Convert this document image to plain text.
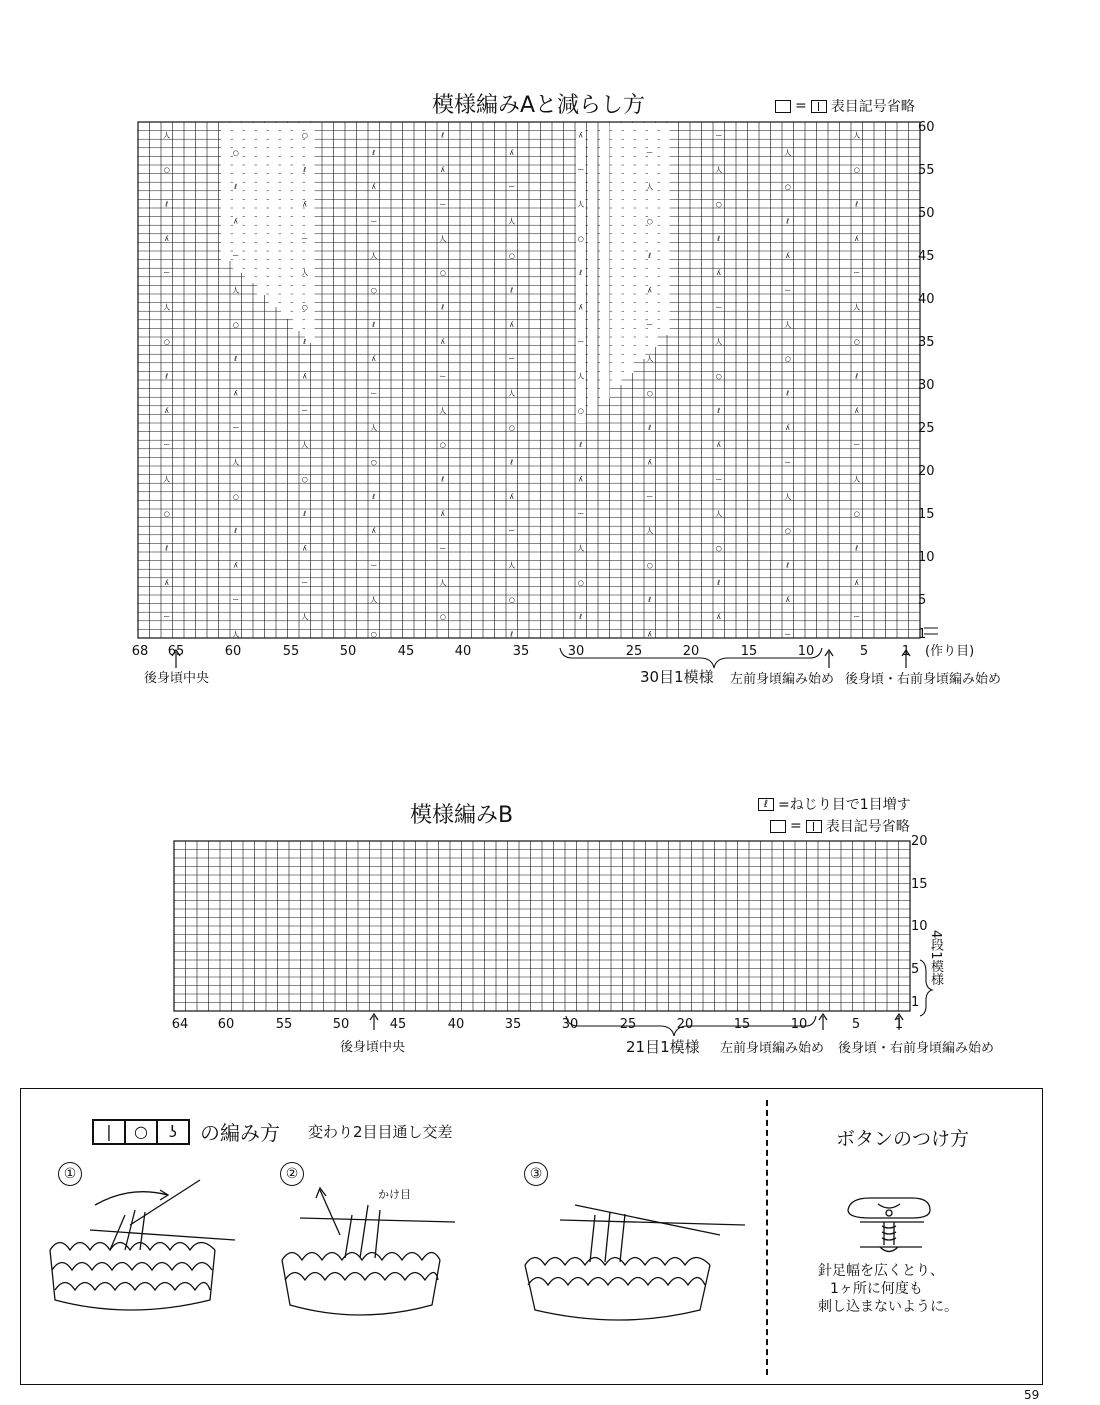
模様編みAと減らし方	= 表目記号省略
人	○	ℓ	ʎ	ー
ー	人	○	ℓ	ʎ	ー
ー	人	○	ℓ	ʎ
ʎ	ー	人	○	ℓ	ʎ
ʎ	ー	人	○	ℓ
ℓ	ʎ	ー	人	○	ℓ
ℓ	ʎ	ー	人	○
○	ℓ	ʎ	ー	人	○
○	ℓ	ʎ	ー	人
人	○	ℓ	ʎ	ー	人
人	○	ℓ	ʎ	ー
ー	人	○	ℓ	ʎ	ー
ー	人	○	ℓ	ʎ
ʎ	ー	人	○	ℓ	ʎ
ʎ	ー	人	○	ℓ
ℓ	ʎ	ー	人	○	ℓ
ℓ	ʎ	ー	人	○
○	ℓ	ʎ	ー	人	○
○	ℓ	ʎ	ー	人
人	○	ℓ	ʎ	ー	人
人	○	ℓ	ʎ	ー
ー	人	○	ℓ	ʎ	ー
ー	人	○	ℓ	ʎ
ʎ	ー	人	○	ℓ	ʎ
ʎ	ー	人	○	ℓ
ℓ	ʎ	ー	人	○	ℓ
ℓ	ʎ	ー	人	○
○	ℓ	ʎ	ー	人	○
○	ℓ	ʎ	ー	人
人	○	ℓ	ʎ	ー	人
68 65	60	55	50	45	40	35	30	25	20	15	10	5	1
60
55
50
45
40
35
30
25
20
15
10
5
1
(作り目)
後身頃中央	30目1模様 左前身頃編み始め 後身頃・右前身頃編み始め
模様編みB	ℓ =ねじり目で1目増す
= 表目記号省略
64 60	55	50	45	40	35	30	25	20	15	10	5	1
20
15
10
5
1
4段1模様
後身頃中央	21目1模様 左前身頃編み始め 後身頃・右前身頃編み始め
|	○	ʖ	の編み方 変わり2目目通し交差
①	②	③
かけ目
ボタンのつけ方
針足幅を広くとり、
1ヶ所に何度も
刺し込まないように。
59
